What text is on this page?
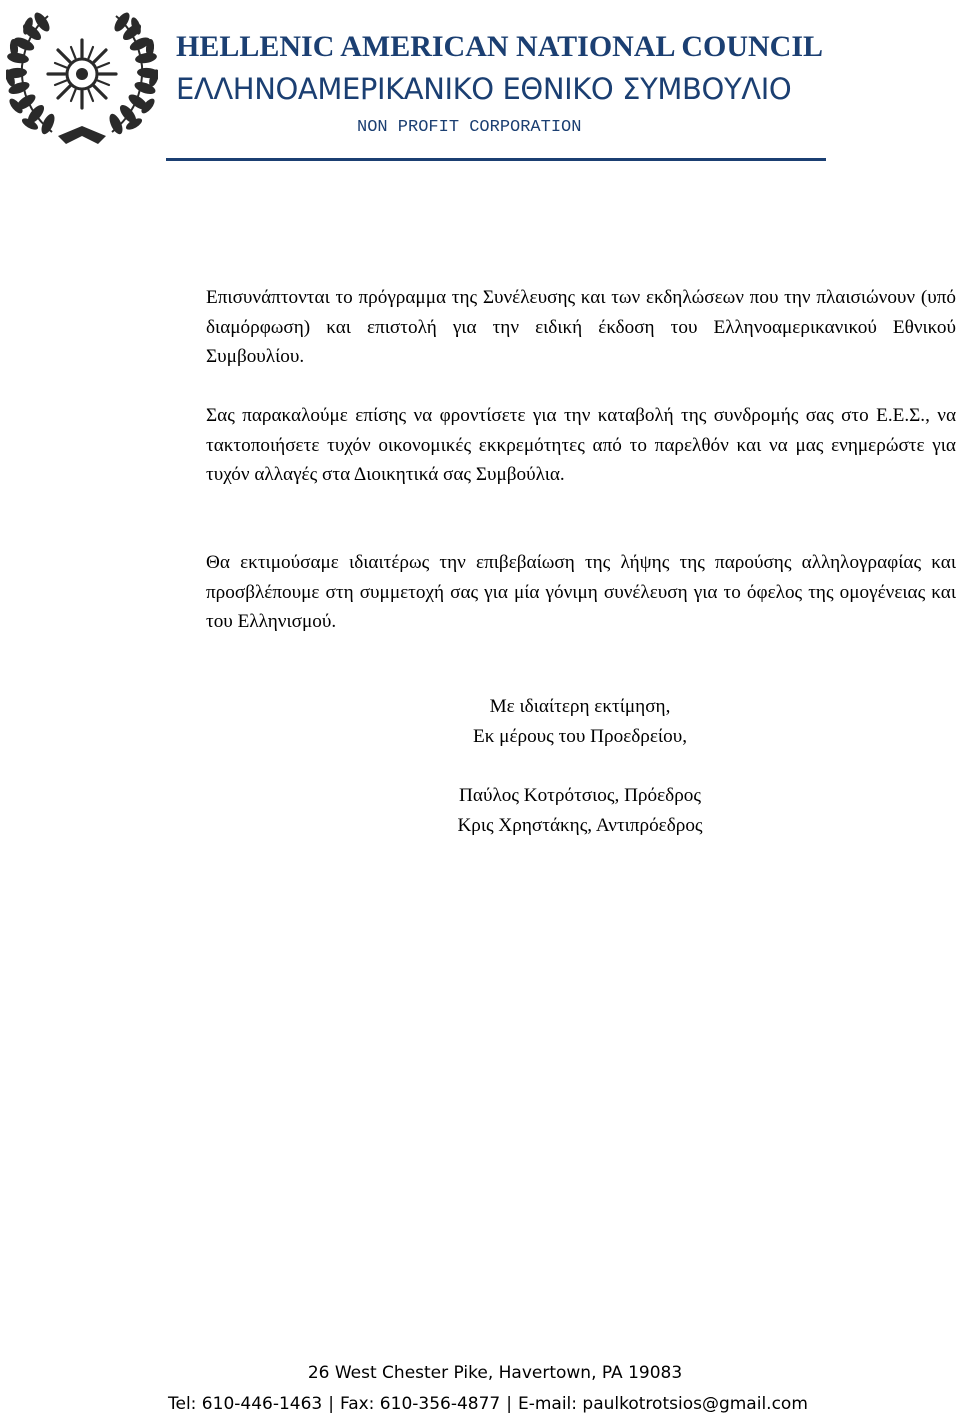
HELLENIC AMERICAN NATIONAL COUNCIL
ΕΛΛΗΝΟΑΜΕΡΙΚΑΝΙΚΟ ΕΘΝΙΚΟ ΣΥΜΒΟΥΛΙΟ
NON PROFIT CORPORATION

Επισυνάπτονται το πρόγραμμα της Συνέλευσης και των εκδηλώσεων που την πλαισιώνουν (υπό διαμόρφωση) και επιστολή για την ειδική έκδοση του Ελληνοαμερικανικού Εθνικού Συμβουλίου.

Σας παρακαλούμε επίσης να φροντίσετε για την καταβολή της συνδρομής σας στο Ε.Ε.Σ., να τακτοποιήσετε τυχόν οικονομικές εκκρεμότητες από το παρελθόν και να μας ενημερώστε για τυχόν αλλαγές στα Διοικητικά σας Συμβούλια.

Θα εκτιμούσαμε ιδιαιτέρως την επιβεβαίωση της λήψης της παρούσης αλληλογραφίας και προσβλέπουμε στη συμμετοχή σας για μία γόνιμη συνέλευση για το όφελος της ομογένειας και του Ελληνισμού.

Με ιδιαίτερη εκτίμηση,
Εκ μέρους του Προεδρείου,
Παύλος Κοτρότσιος, Πρόεδρος
Κρις Χρηστάκης, Αντιπρόεδρος
26 West Chester Pike, Havertown, PA 19083
Tel: 610-446-1463 | Fax: 610-356-4877 | E-mail: paulkotrotsios@gmail.com
